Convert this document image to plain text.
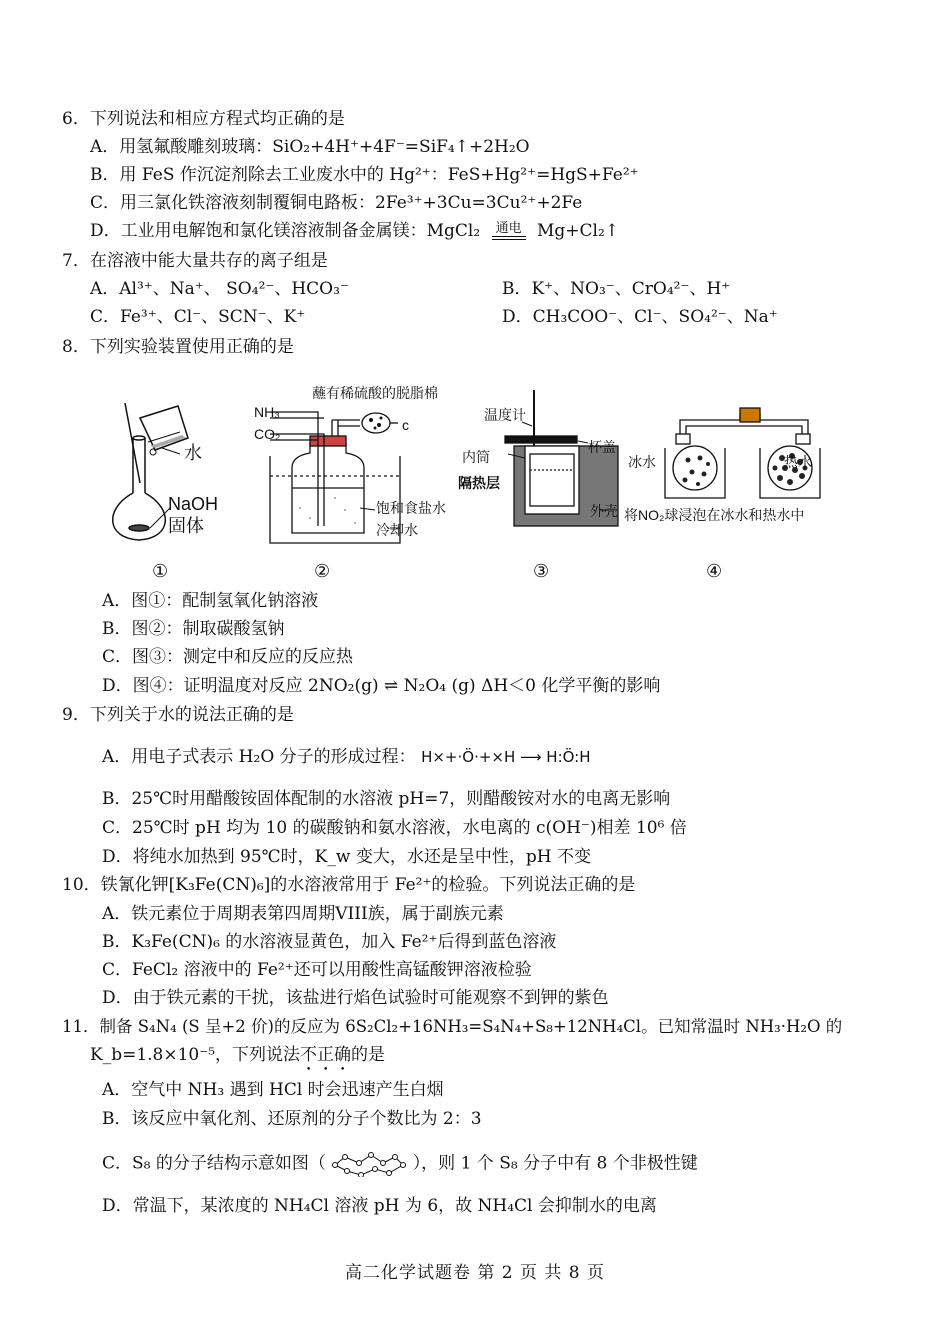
6．下列说法和相应方程式均正确的是
A．用氢氟酸雕刻玻璃：SiO₂+4H⁺+4F⁻=SiF₄↑+2H₂O
B．用 FeS 作沉淀剂除去工业废水中的 Hg²⁺：FeS+Hg²⁺=HgS+Fe²⁺
C．用三氯化铁溶液刻制覆铜电路板：2Fe³⁺+3Cu=3Cu²⁺+2Fe
D．工业用电解饱和氯化镁溶液制备金属镁：MgCl₂ $^{通电}$ Mg+Cl₂↑
7．在溶液中能大量共存的离子组是
A．Al³⁺、Na⁺、 SO₄²⁻、HCO₃⁻	B．K⁺、NO₃⁻、CrO₄²⁻、H⁺
C．Fe³⁺、Cl⁻、SCN⁻、K⁺	D．CH₃COO⁻、Cl⁻、SO₄²⁻、Na⁺
8．下列实验装置使用正确的是
水
NaOH
固体
蘸有稀硫酸的脱脂棉
NH₃
CO₂
c
饱和食盐水
冷却水
温度计
杯盖
内筒
隔热层
外壳
冰水	热水
将NO₂球浸泡在冰水和热水中
①	②	③	④
A．图①：配制氢氧化钠溶液
B．图②：制取碳酸氢钠
C．图③：测定中和反应的反应热
D．图④：证明温度对反应 2NO₂(g) ⇌ N₂O₄ (g) ΔH＜0 化学平衡的影响
9．下列关于水的说法正确的是
A．用电子式表示 H₂O 分子的形成过程： H×+·Ö·+×H ⟶ H:Ö:H
B．25℃时用醋酸铵固体配制的水溶液 pH=7，则醋酸铵对水的电离无影响
C．25℃时 pH 均为 10 的碳酸钠和氨水溶液，水电离的 c(OH⁻)相差 10⁶ 倍
D．将纯水加热到 95℃时，K_w 变大，水还是呈中性，pH 不变
10．铁氰化钾[K₃Fe(CN)₆]的水溶液常用于 Fe²⁺的检验。下列说法正确的是
A．铁元素位于周期表第四周期VIII族，属于副族元素
B．K₃Fe(CN)₆ 的水溶液显黄色，加入 Fe²⁺后得到蓝色溶液
C．FeCl₂ 溶液中的 Fe²⁺还可以用酸性高锰酸钾溶液检验
D．由于铁元素的干扰，该盐进行焰色试验时可能观察不到钾的紫色
11．制备 S₄N₄ (S 呈+2 价)的反应为 6S₂Cl₂+16NH₃=S₄N₄+S₈+12NH₄Cl。已知常温时 NH₃·H₂O 的
K_b=1.8×10⁻⁵，下列说法不正确的是
A．空气中 NH₃ 遇到 HCl 时会迅速产生白烟
B．该反应中氧化剂、还原剂的分子个数比为 2：3
C．S₈ 的分子结构示意如图（	），则 1 个 S₈ 分子中有 8 个非极性键
D．常温下，某浓度的 NH₄Cl 溶液 pH 为 6，故 NH₄Cl 会抑制水的电离
高二化学试题卷 第 2 页 共 8 页
